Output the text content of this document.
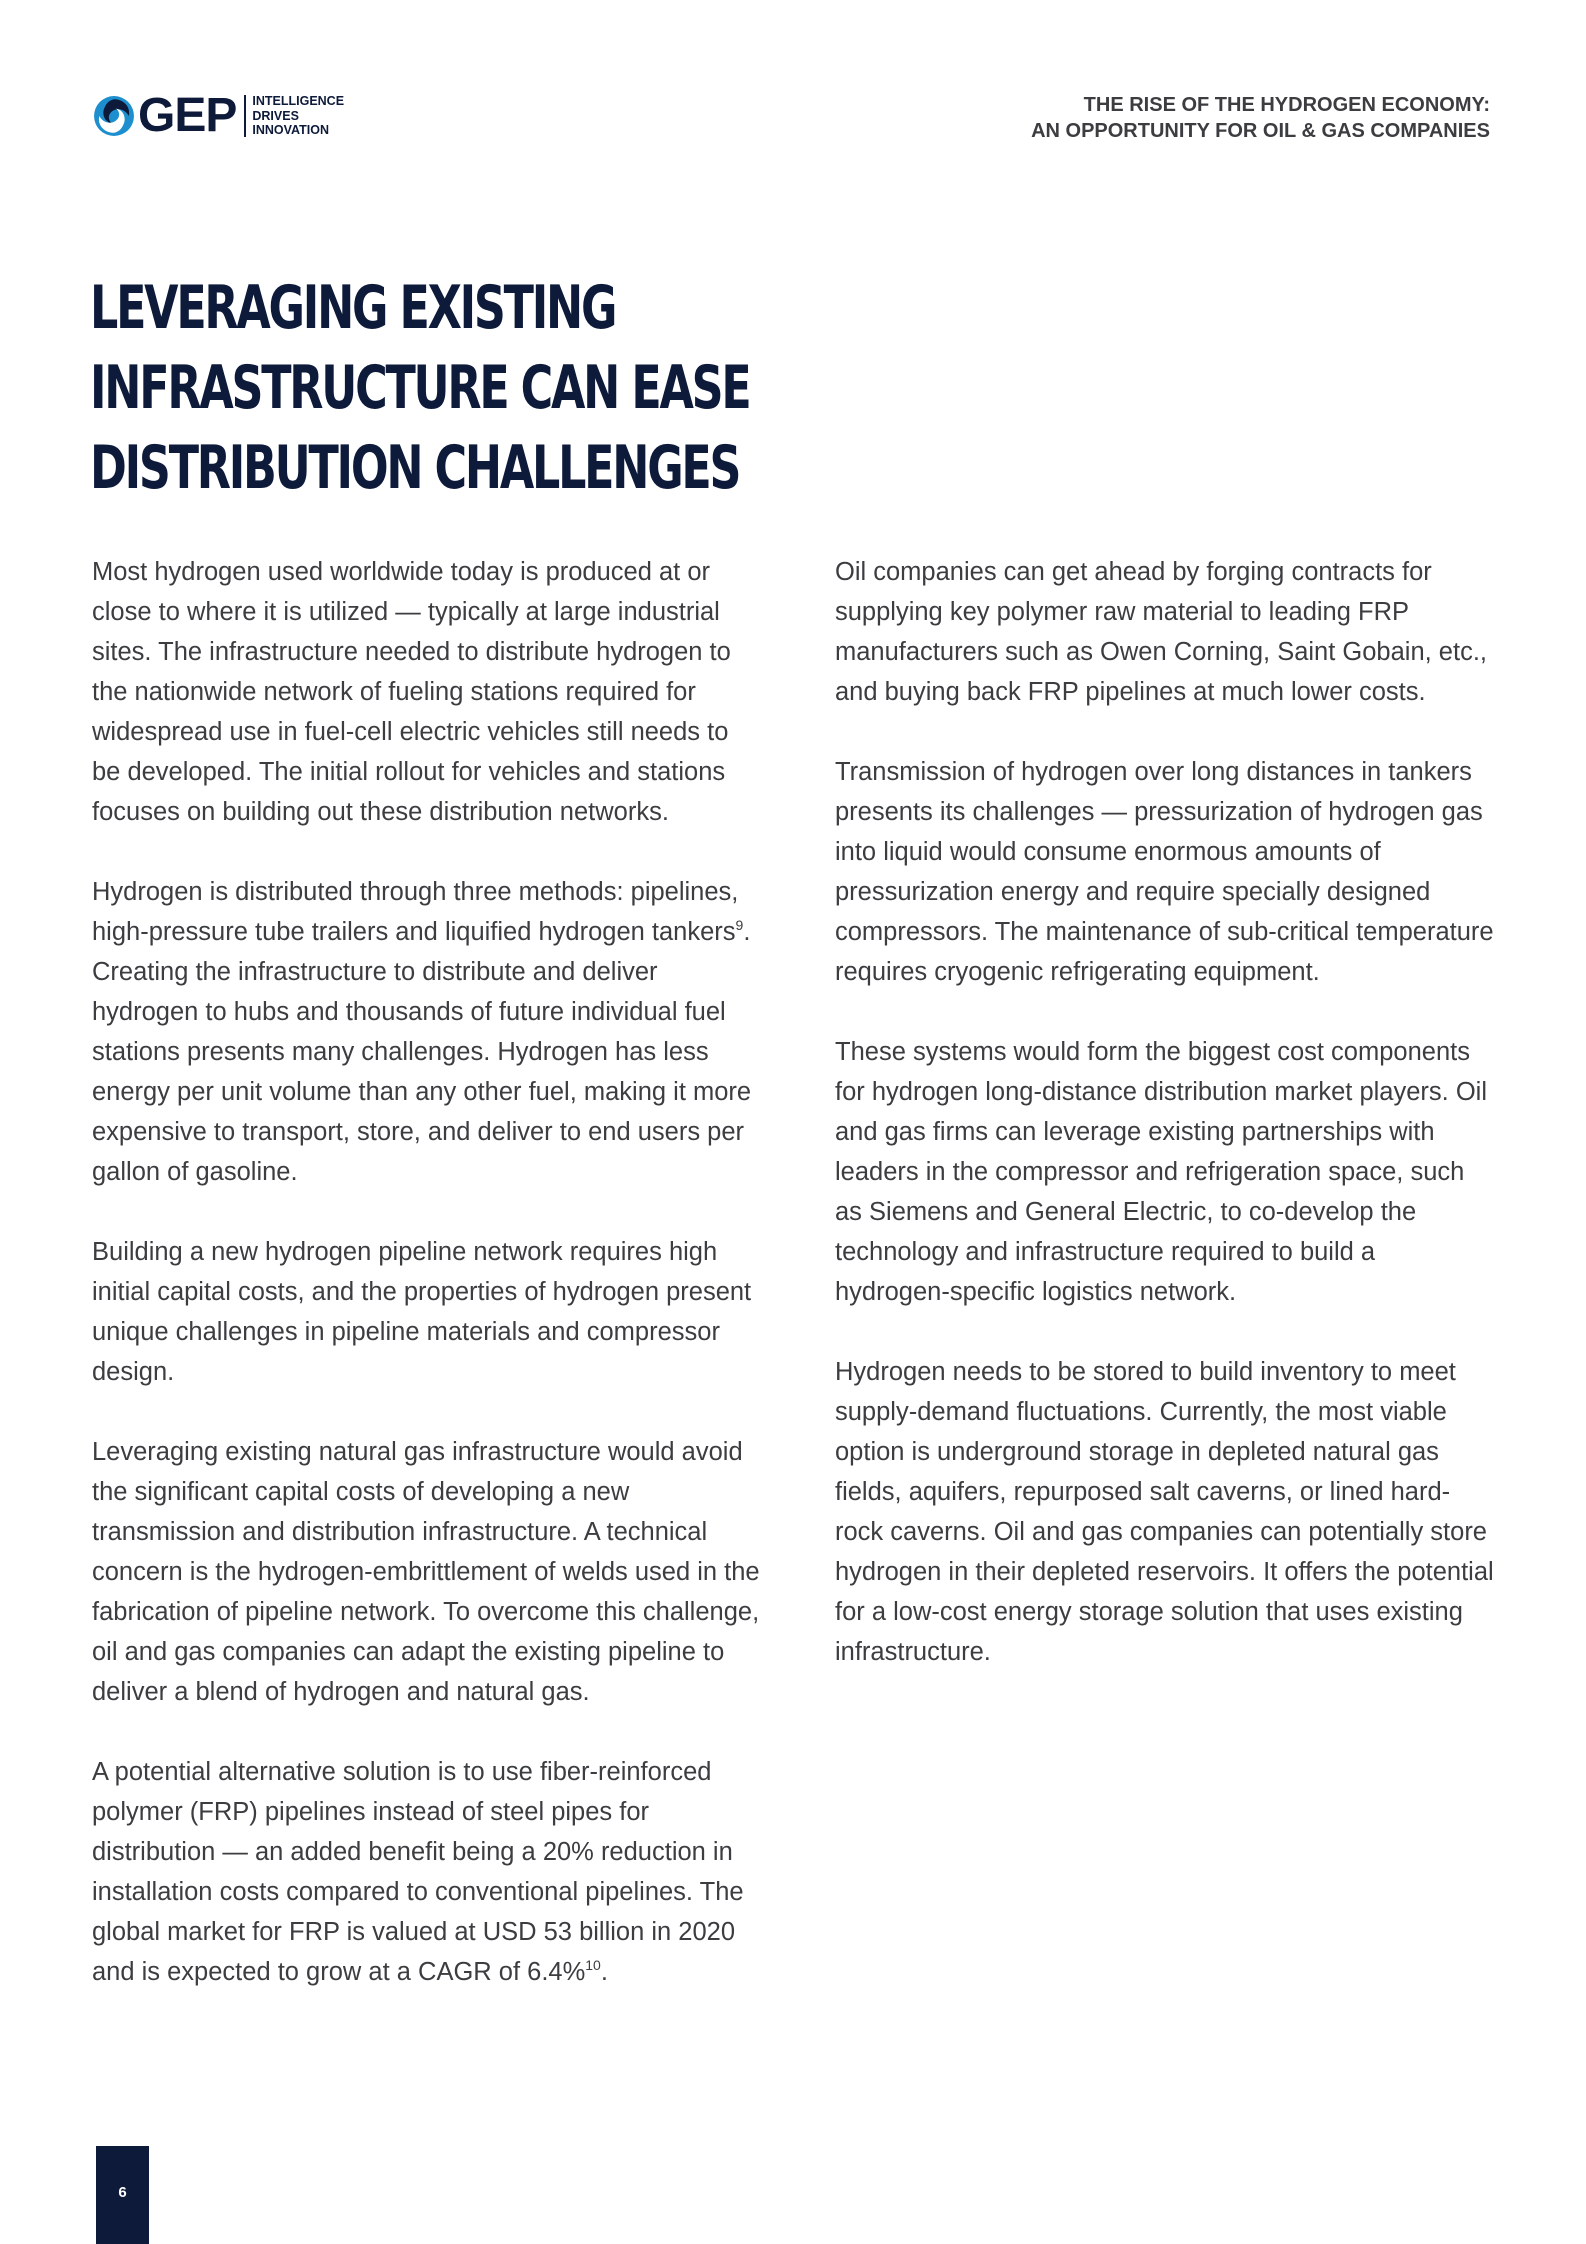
GEP INTELLIGENCE
DRIVES
INNOVATION
THE RISE OF THE HYDROGEN ECONOMY:
AN OPPORTUNITY FOR OIL & GAS COMPANIES
LEVERAGING EXISTING
INFRASTRUCTURE CAN EASE
DISTRIBUTION CHALLENGES

Most hydrogen used worldwide today is produced at or close to where it is utilized — typically at large industrial sites. The infrastructure needed to distribute hydrogen to the nationwide network of fueling stations required for widespread use in fuel-cell electric vehicles still needs to be developed. The initial rollout for vehicles and stations focuses on building out these distribution networks.

Hydrogen is distributed through three methods: pipelines, high-pressure tube trailers and liquified hydrogen tankers$^9$. Creating the infrastructure to distribute and deliver hydrogen to hubs and thousands of future individual fuel stations presents many challenges. Hydrogen has less energy per unit volume than any other fuel, making it more expensive to transport, store, and deliver to end users per gallon of gasoline.

Building a new hydrogen pipeline network requires high initial capital costs, and the properties of hydrogen present unique challenges in pipeline materials and compressor design.

Leveraging existing natural gas infrastructure would avoid the significant capital costs of developing a new transmission and distribution infrastructure. A technical concern is the hydrogen-embrittlement of welds used in the fabrication of pipeline network. To overcome this challenge, oil and gas companies can adapt the existing pipeline to deliver a blend of hydrogen and natural gas.

A potential alternative solution is to use fiber-reinforced polymer (FRP) pipelines instead of steel pipes for distribution — an added benefit being a 20% reduction in installation costs compared to conventional pipelines. The global market for FRP is valued at USD 53 billion in 2020 and is expected to grow at a CAGR of 6.4%$^{10}$.

Oil companies can get ahead by forging contracts for supplying key polymer raw material to leading FRP manufacturers such as Owen Corning, Saint Gobain, etc., and buying back FRP pipelines at much lower costs.

Transmission of hydrogen over long distances in tankers presents its challenges — pressurization of hydrogen gas into liquid would consume enormous amounts of pressurization energy and require specially designed compressors. The maintenance of sub-critical temperature requires cryogenic refrigerating equipment.

These systems would form the biggest cost components for hydrogen long-distance distribution market players. Oil and gas firms can leverage existing partnerships with leaders in the compressor and refrigeration space, such as Siemens and General Electric, to co-develop the technology and infrastructure required to build a hydrogen-specific logistics network.

Hydrogen needs to be stored to build inventory to meet supply-demand fluctuations. Currently, the most viable option is underground storage in depleted natural gas fields, aquifers, repurposed salt caverns, or lined hard-rock caverns. Oil and gas companies can potentially store hydrogen in their depleted reservoirs. It offers the potential for a low-cost energy storage solution that uses existing infrastructure.

6
